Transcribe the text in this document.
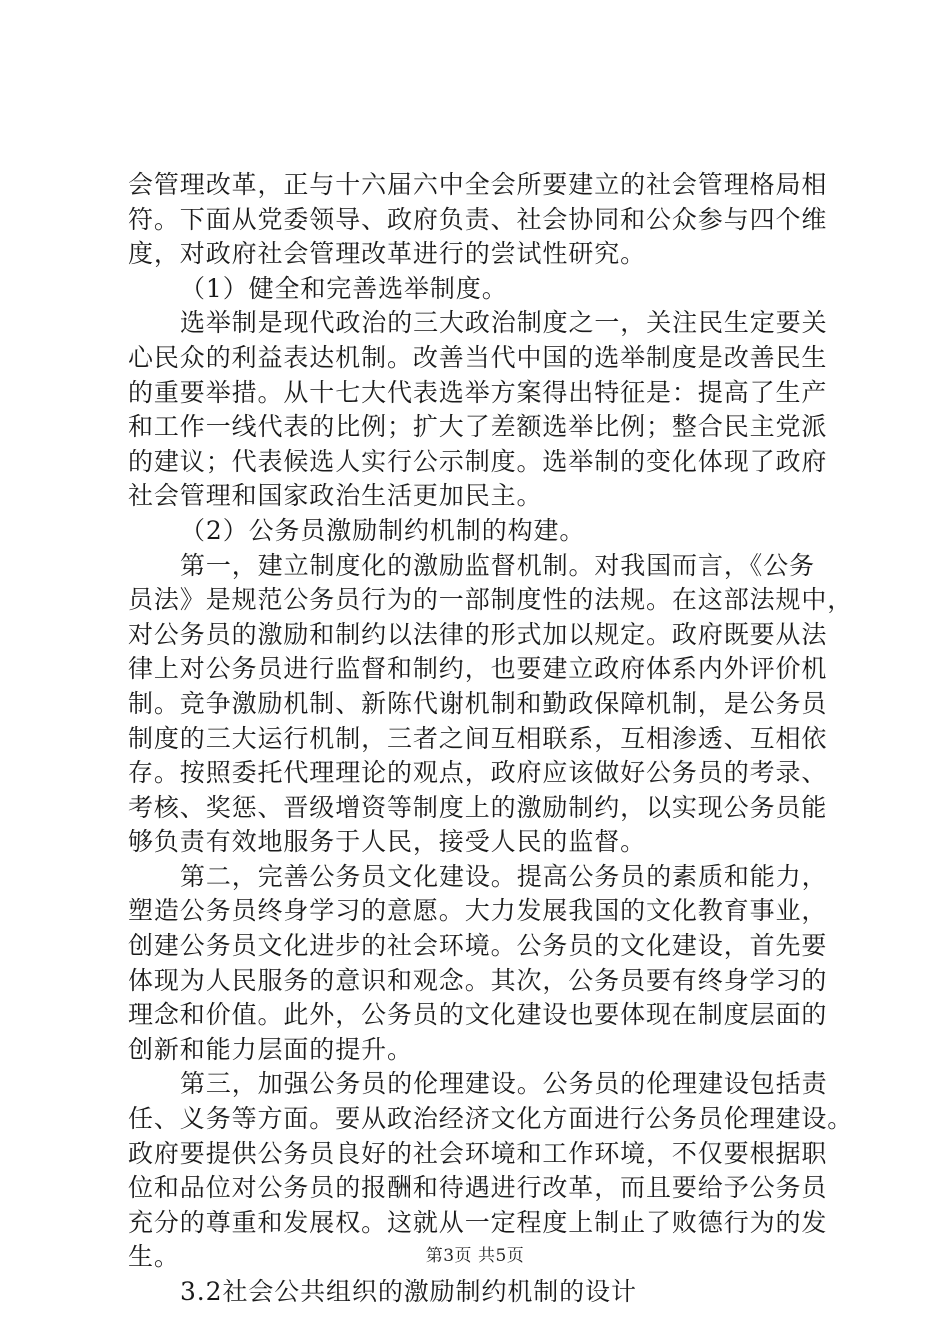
会管理改革，正与十六届六中全会所要建立的社会管理格局相
符。下面从党委领导、政府负责、社会协同和公众参与四个维
度，对政府社会管理改革进行的尝试性研究。
（1）健全和完善选举制度。
选举制是现代政治的三大政治制度之一，关注民生定要关
心民众的利益表达机制。改善当代中国的选举制度是改善民生
的重要举措。从十七大代表选举方案得出特征是：提高了生产
和工作一线代表的比例；扩大了差额选举比例；整合民主党派
的建议；代表候选人实行公示制度。选举制的变化体现了政府
社会管理和国家政治生活更加民主。
（2）公务员激励制约机制的构建。
第一，建立制度化的激励监督机制。对我国而言，《公务
员法》是规范公务员行为的一部制度性的法规。在这部法规中，
对公务员的激励和制约以法律的形式加以规定。政府既要从法
律上对公务员进行监督和制约，也要建立政府体系内外评价机
制。竞争激励机制、新陈代谢机制和勤政保障机制，是公务员
制度的三大运行机制，三者之间互相联系，互相渗透、互相依
存。按照委托代理理论的观点，政府应该做好公务员的考录、
考核、奖惩、晋级增资等制度上的激励制约，以实现公务员能
够负责有效地服务于人民，接受人民的监督。
第二，完善公务员文化建设。提高公务员的素质和能力，
塑造公务员终身学习的意愿。大力发展我国的文化教育事业，
创建公务员文化进步的社会环境。公务员的文化建设，首先要
体现为人民服务的意识和观念。其次，公务员要有终身学习的
理念和价值。此外，公务员的文化建设也要体现在制度层面的
创新和能力层面的提升。
第三，加强公务员的伦理建设。公务员的伦理建设包括责
任、义务等方面。要从政治经济文化方面进行公务员伦理建设。
政府要提供公务员良好的社会环境和工作环境，不仅要根据职
位和品位对公务员的报酬和待遇进行改革，而且要给予公务员
充分的尊重和发展权。这就从一定程度上制止了败德行为的发
生。
3.2社会公共组织的激励制约机制的设计
第3页 共5页
